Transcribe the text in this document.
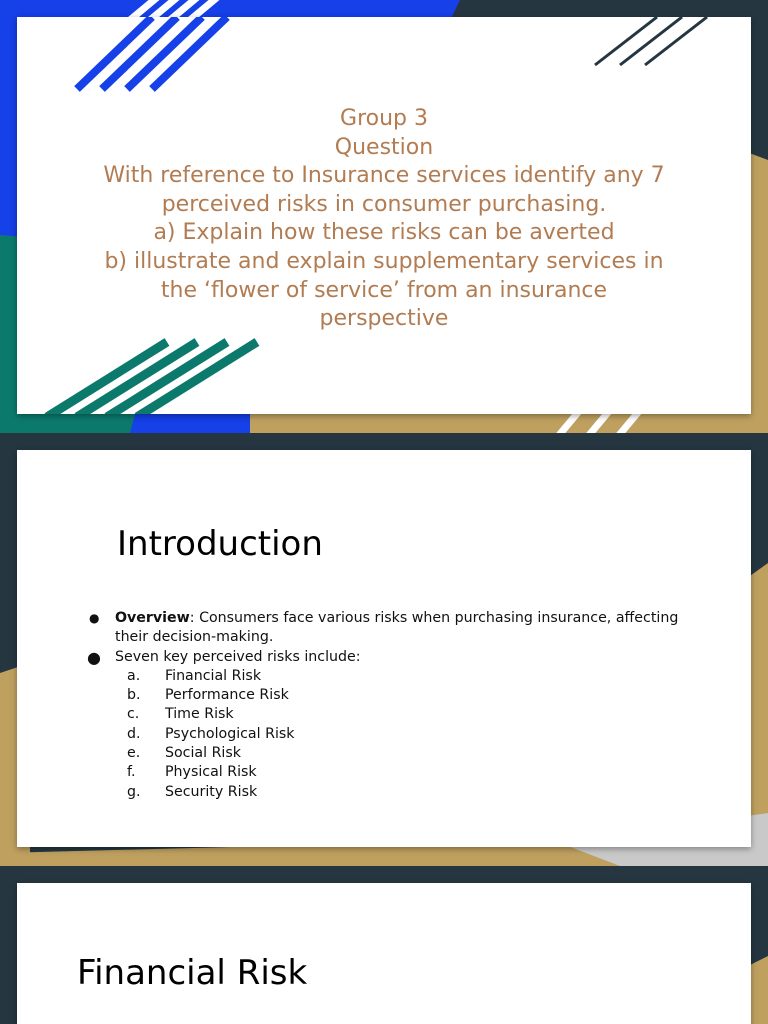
Group 3
Question
With reference to Insurance services identify any 7
perceived risks in consumer purchasing.
a) Explain how these risks can be averted
b) illustrate and explain supplementary services in
the ‘flower of service’ from an insurance
perspective
Introduction
●	Overview: Consumers face various risks when purchasing insurance, affecting their decision-making.
● Seven key perceived risks include:
a.	Financial Risk
b.	Performance Risk
c.	Time Risk
d.	Psychological Risk
e.	Social Risk
f.	Physical Risk
g.	Security Risk
Financial Risk
